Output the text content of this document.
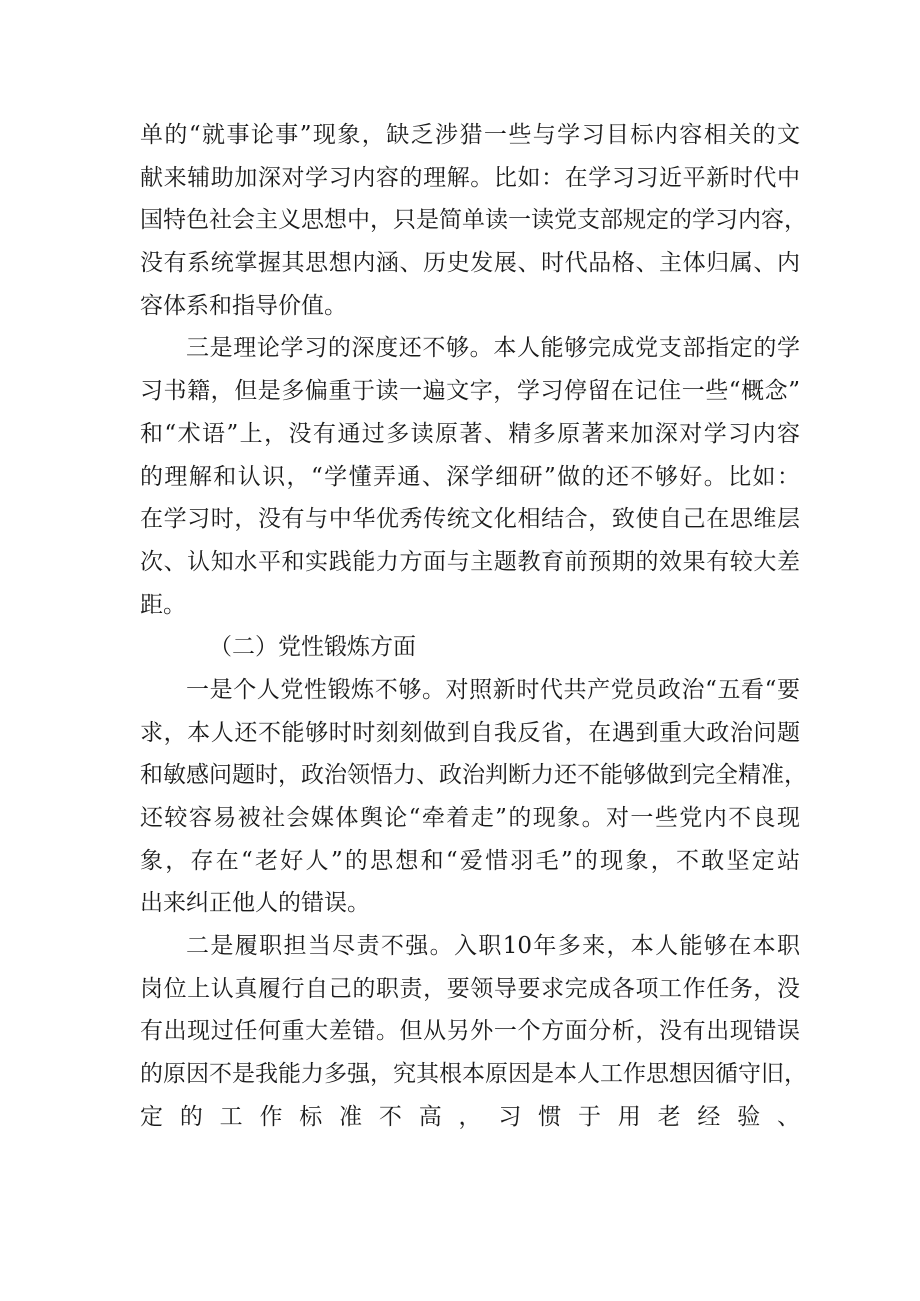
单的“就事论事”现象，缺乏涉猎一些与学习目标内容相关的文
献来辅助加深对学习内容的理解。比如：在学习习近平新时代中
国特色社会主义思想中，只是简单读一读党支部规定的学习内容，
没有系统掌握其思想内涵、历史发展、时代品格、主体归属、内
容体系和指导价值。
三是理论学习的深度还不够。本人能够完成党支部指定的学
习书籍，但是多偏重于读一遍文字，学习停留在记住一些“概念”
和“术语”上，没有通过多读原著、精多原著来加深对学习内容
的理解和认识，“学懂弄通、深学细研”做的还不够好。比如：
在学习时，没有与中华优秀传统文化相结合，致使自己在思维层
次、认知水平和实践能力方面与主题教育前预期的效果有较大差
距。
（二）党性锻炼方面
一是个人党性锻炼不够。对照新时代共产党员政治“五看“要
求，本人还不能够时时刻刻做到自我反省，在遇到重大政治问题
和敏感问题时，政治领悟力、政治判断力还不能够做到完全精准，
还较容易被社会媒体舆论“牵着走”的现象。对一些党内不良现
象，存在“老好人”的思想和“爱惜羽毛”的现象，不敢坚定站
出来纠正他人的错误。
二是履职担当尽责不强。入职10年多来，本人能够在本职
岗位上认真履行自己的职责，要领导要求完成各项工作任务，没
有出现过任何重大差错。但从另外一个方面分析，没有出现错误
的原因不是我能力多强，究其根本原因是本人工作思想因循守旧，
定的工作标准不高，习惯于用老经验、
